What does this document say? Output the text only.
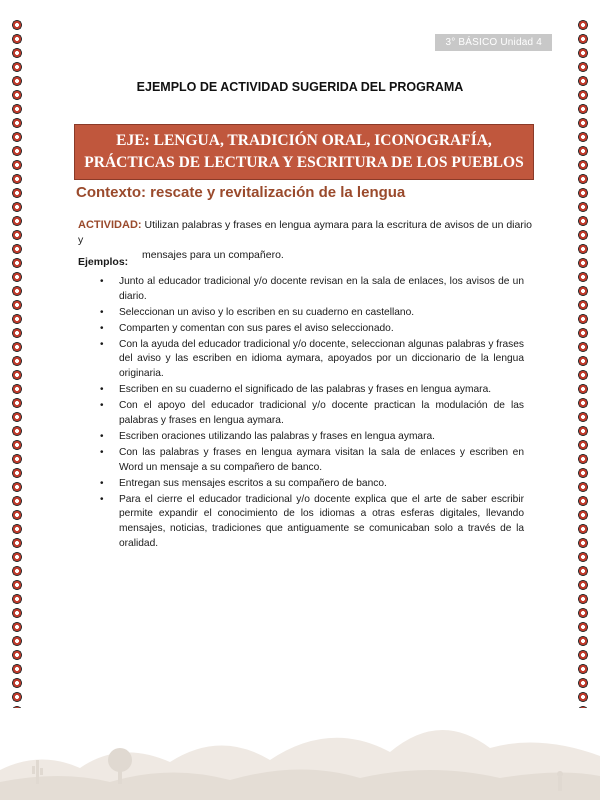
3° BÁSICO Unidad 4
EJEMPLO DE ACTIVIDAD SUGERIDA DEL PROGRAMA
EJE: LENGUA, TRADICIÓN ORAL, ICONOGRAFÍA,
PRÁCTICAS DE LECTURA Y ESCRITURA DE LOS PUEBLOS
Contexto: rescate y revitalización de la lengua
ACTIVIDAD: Utilizan palabras y frases en lengua aymara para la escritura de avisos de un diario y
mensajes para un compañero.
Ejemplos:
• Junto al educador tradicional y/o docente revisan en la sala de enlaces, los avisos de un diario.
• Seleccionan un aviso y lo escriben en su cuaderno en castellano.
• Comparten y comentan con sus pares el aviso seleccionado.
• Con la ayuda del educador tradicional y/o docente, seleccionan algunas palabras y frases del aviso y las escriben en idioma aymara, apoyados por un diccionario de la lengua originaria.
• Escriben en su cuaderno el significado de las palabras y frases en lengua aymara.
• Con el apoyo del educador tradicional y/o docente practican la modulación de las palabras y frases en lengua aymara.
• Escriben oraciones utilizando las palabras y frases en lengua aymara.
• Con las palabras y frases en lengua aymara visitan la sala de enlaces y escriben en Word un mensaje a su compañero de banco.
• Entregan sus mensajes escritos a su compañero de banco.
• Para el cierre el educador tradicional y/o docente explica que el arte de saber escribir permite expandir el conocimiento de los idiomas a otras esferas digitales, llevando mensajes, noticias, tradiciones que antiguamente se comunicaban solo a través de la oralidad.
